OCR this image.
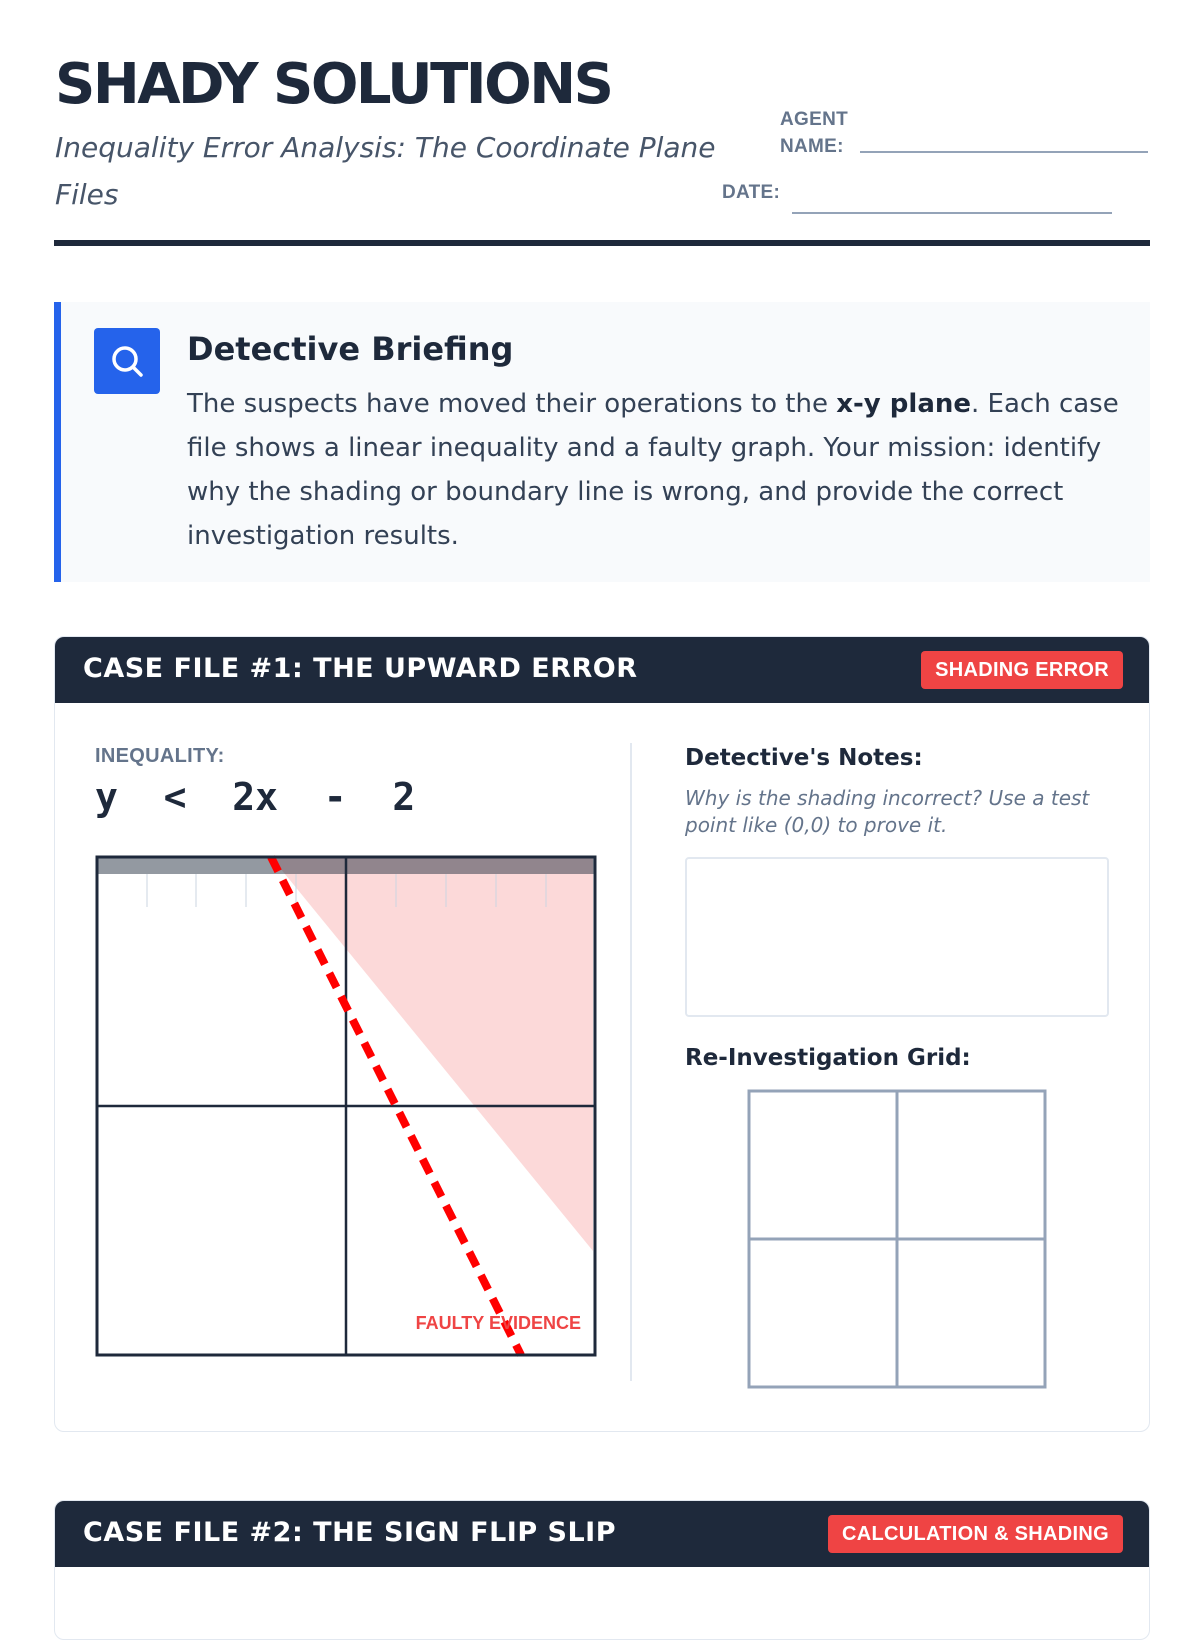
SHADY SOLUTIONS
Inequality Error Analysis: The Coordinate Plane Files
AGENT NAME:
DATE:
Detective Briefing
The suspects have moved their operations to the x-y plane. Each case file shows a linear inequality and a faulty graph. Your mission: identify why the shading or boundary line is wrong, and provide the correct investigation results.
CASE FILE #1: THE UPWARD ERROR	SHADING ERROR
INEQUALITY:
y  <  2x  -  2
FAULTY EVIDENCE
Detective's Notes:
Why is the shading incorrect? Use a test point like (0,0) to prove it.
Re-Investigation Grid:
CASE FILE #2: THE SIGN FLIP SLIP	CALCULATION & SHADING
